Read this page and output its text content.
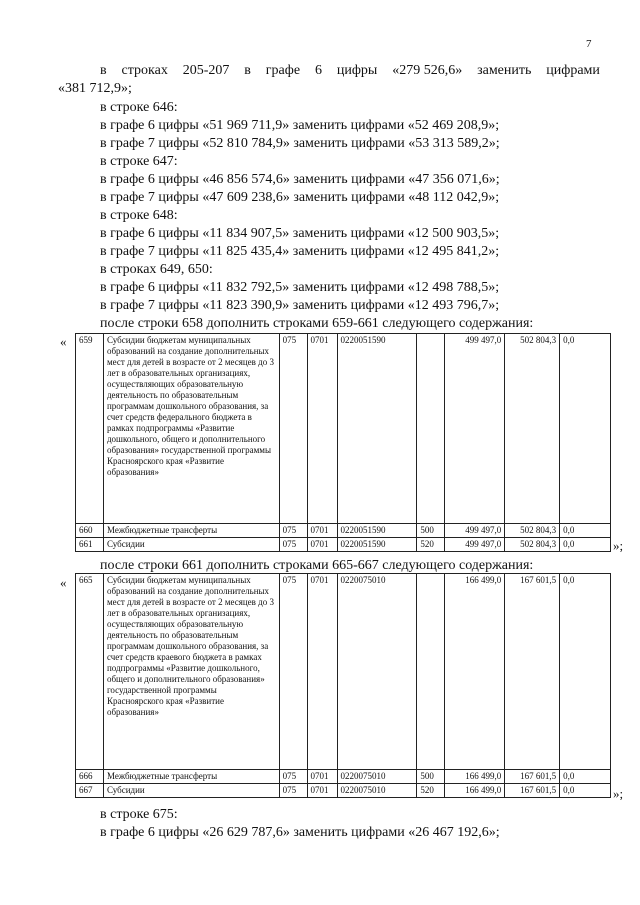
7
в строках 205-207 в графе 6 цифры «279 526,6» заменить цифрами
«381 712,9»;
в строке 646:
в графе 6 цифры «51 969 711,9» заменить цифрами «52 469 208,9»;
в графе 7 цифры «52 810 784,9» заменить цифрами «53 313 589,2»;
в строке 647:
в графе 6 цифры «46 856 574,6» заменить цифрами «47 356 071,6»;
в графе 7 цифры «47 609 238,6» заменить цифрами «48 112 042,9»;
в строке 648:
в графе 6 цифры «11 834 907,5» заменить цифрами «12 500 903,5»;
в графе 7 цифры «11 825 435,4» заменить цифрами «12 495 841,2»;
в строках 649, 650:
в графе 6 цифры «11 832 792,5» заменить цифрами «12 498 788,5»;
в графе 7 цифры «11 823 390,9» заменить цифрами «12 493 796,7»;
после строки 658 дополнить строками 659-661 следующего содержания:
« 659	Субсидии бюджетам муниципальных образований на создание дополнительных мест для детей в возрасте от 2 месяцев до 3 лет в образовательных организациях, осуществляющих образовательную деятельность по образовательным программам дошкольного образования, за счет средств федерального бюджета в рамках подпрограммы «Развитие дошкольного, общего и дополнительного образования» государственной программы Красноярского края «Развитие образования»	075	0701	0220051590		499 497,0	502 804,3	0,0
660	Межбюджетные трансферты	075	0701	0220051590	500	499 497,0	502 804,3	0,0
661	Субсидии	075	0701	0220051590	520	499 497,0	502 804,3	0,0	»;
после строки 661 дополнить строками 665-667 следующего содержания:
« 665	Субсидии бюджетам муниципальных образований на создание дополнительных мест для детей в возрасте от 2 месяцев до 3 лет в образовательных организациях, осуществляющих образовательную деятельность по образовательным программам дошкольного образования, за счет средств краевого бюджета в рамках подпрограммы «Развитие дошкольного, общего и дополнительного образования» государственной программы Красноярского края «Развитие образования»	075	0701	0220075010		166 499,0	167 601,5	0,0
666	Межбюджетные трансферты	075	0701	0220075010	500	166 499,0	167 601,5	0,0
667	Субсидии	075	0701	0220075010	520	166 499,0	167 601,5	0,0	»;
в строке 675:
в графе 6 цифры «26 629 787,6» заменить цифрами «26 467 192,6»;
